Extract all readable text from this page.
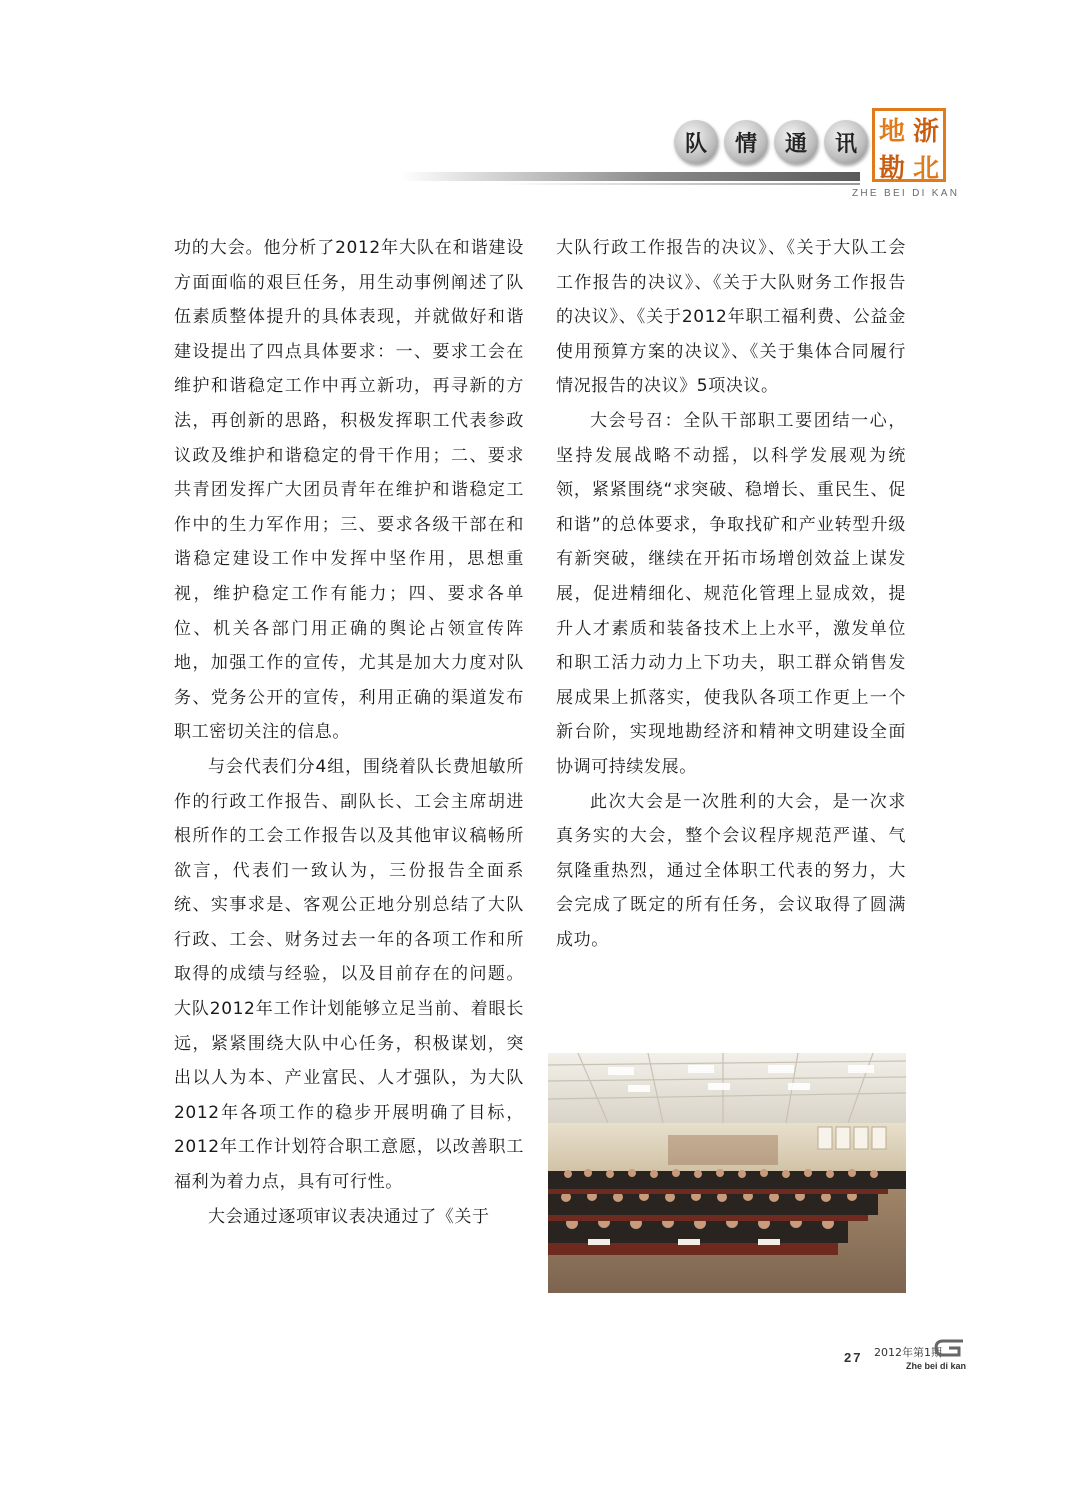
队	情	通	讯 地 浙
勘 北
ZHE BEI DI KAN

功的大会。他分析了2012年大队在和谐建设方面面临的艰巨任务，用生动事例阐述了队伍素质整体提升的具体表现，并就做好和谐建设提出了四点具体要求：一、要求工会在维护和谐稳定工作中再立新功，再寻新的方法，再创新的思路，积极发挥职工代表参政议政及维护和谐稳定的骨干作用；二、要求共青团发挥广大团员青年在维护和谐稳定工作中的生力军作用；三、要求各级干部在和谐稳定建设工作中发挥中坚作用，思想重视，维护稳定工作有能力；四、要求各单位、机关各部门用正确的舆论占领宣传阵地，加强工作的宣传，尤其是加大力度对队务、党务公开的宣传，利用正确的渠道发布职工密切关注的信息。

与会代表们分4组，围绕着队长费旭敏所作的行政工作报告、副队长、工会主席胡进根所作的工会工作报告以及其他审议稿畅所欲言，代表们一致认为，三份报告全面系统、实事求是、客观公正地分别总结了大队行政、工会、财务过去一年的各项工作和所取得的成绩与经验，以及目前存在的问题。大队2012年工作计划能够立足当前、着眼长远，紧紧围绕大队中心任务，积极谋划，突出以人为本、产业富民、人才强队，为大队2012年各项工作的稳步开展明确了目标，2012年工作计划符合职工意愿，以改善职工福利为着力点，具有可行性。

大会通过逐项审议表决通过了《关于

大队行政工作报告的决议》、《关于大队工会工作报告的决议》、《关于大队财务工作报告的决议》、《关于2012年职工福利费、公益金使用预算方案的决议》、《关于集体合同履行情况报告的决议》5项决议。

大会号召：全队干部职工要团结一心，坚持发展战略不动摇，以科学发展观为统领，紧紧围绕“求突破、稳增长、重民生、促和谐”的总体要求，争取找矿和产业转型升级有新突破，继续在开拓市场增创效益上谋发展，促进精细化、规范化管理上显成效，提升人才素质和装备技术上上水平，激发单位和职工活力动力上下功夫，职工群众销售发展成果上抓落实，使我队各项工作更上一个新台阶，实现地勘经济和精神文明建设全面协调可持续发展。

此次大会是一次胜利的大会，是一次求真务实的大会，整个会议程序规范严谨、气氛隆重热烈，通过全体职工代表的努力，大会完成了既定的所有任务，会议取得了圆满成功。

27 2012年第1期
Zhe bei di kan
